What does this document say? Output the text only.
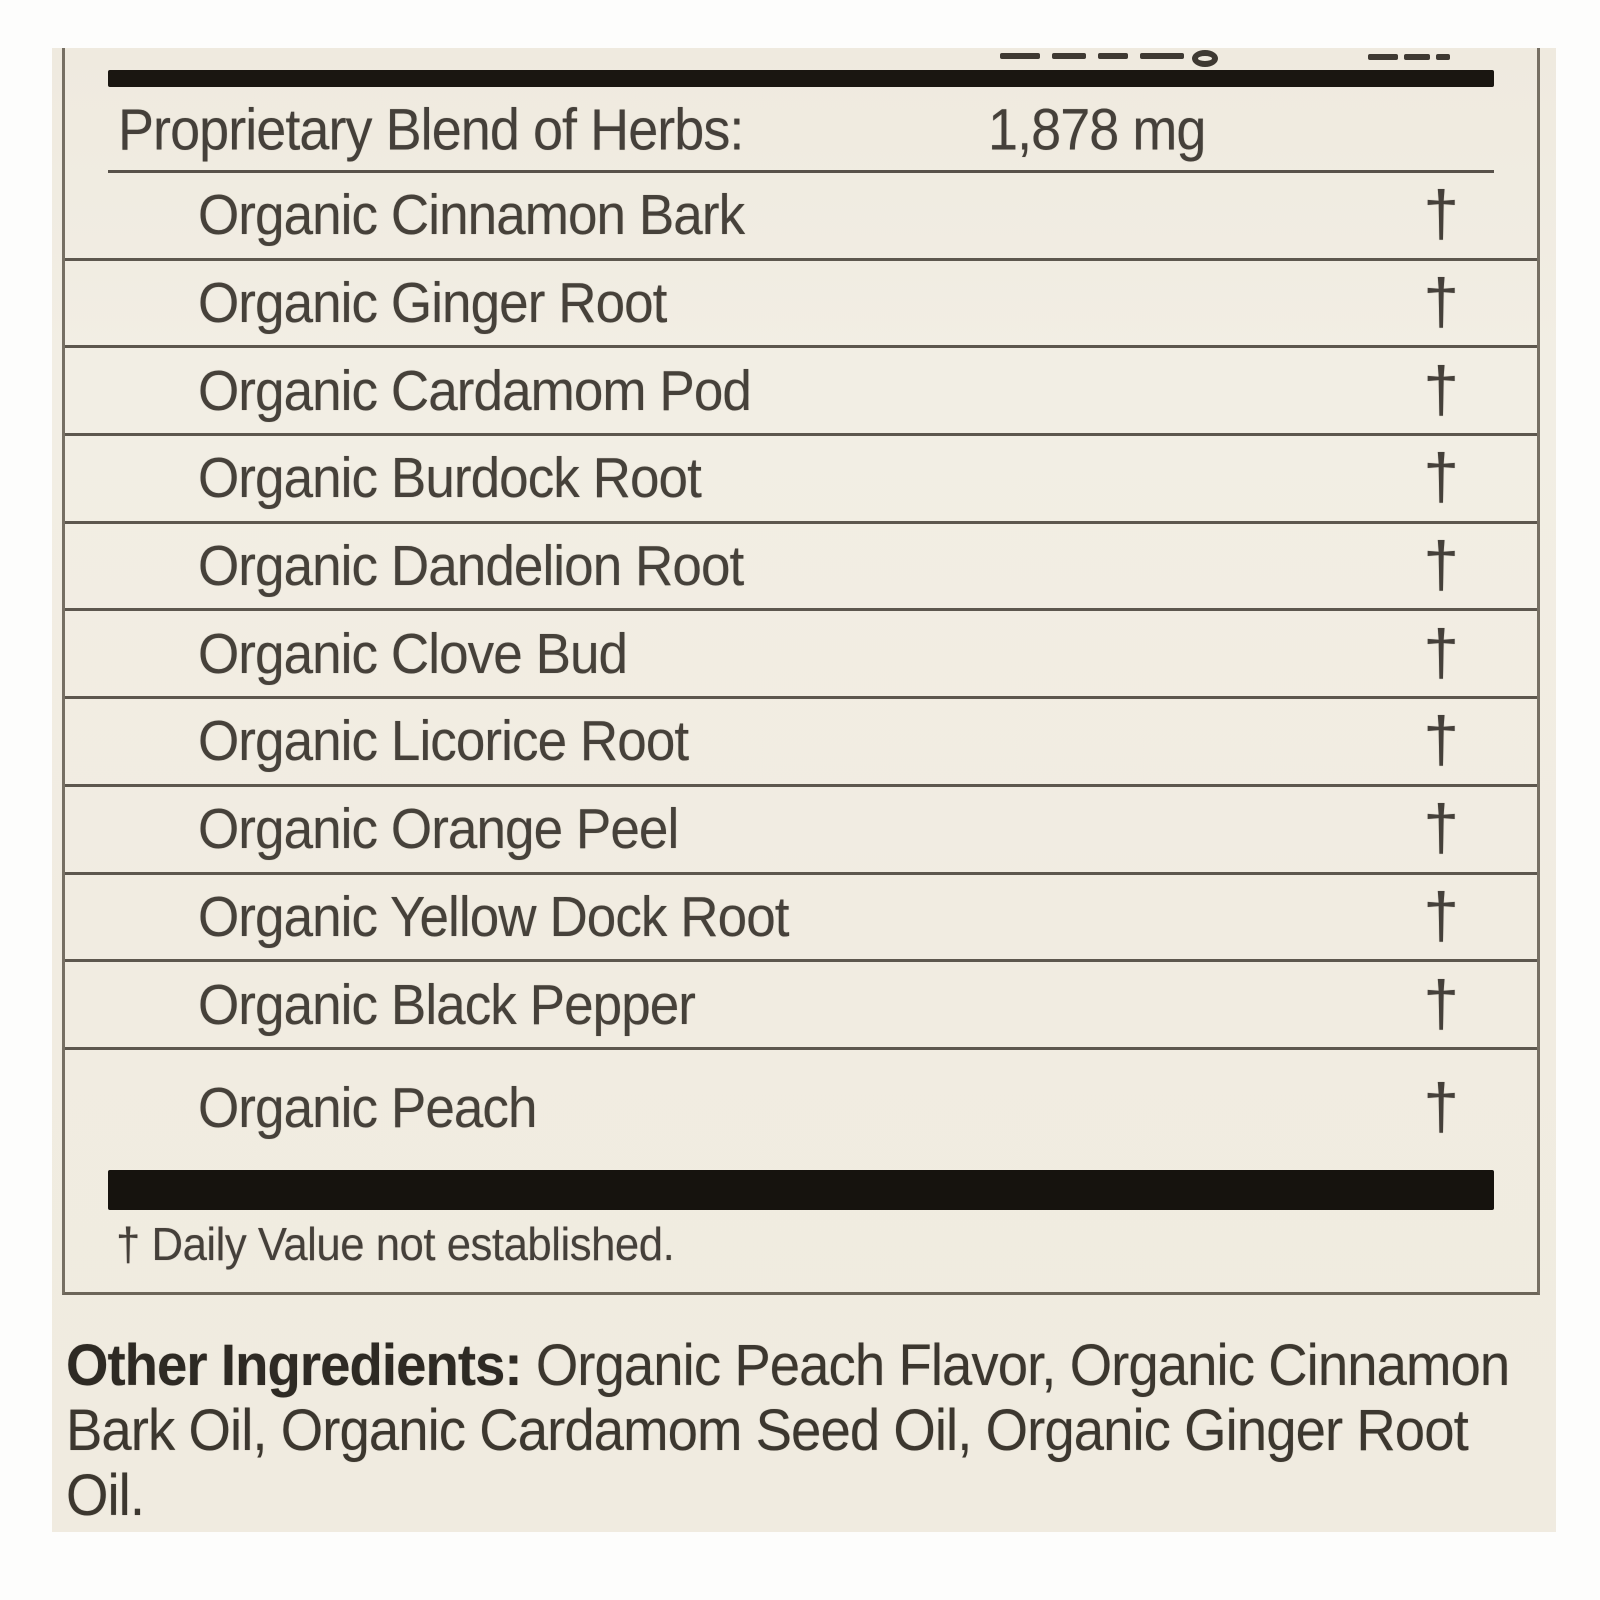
Proprietary Blend of Herbs:	1,878 mg
Organic Cinnamon Bark	†
Organic Ginger Root	†
Organic Cardamom Pod	†
Organic Burdock Root	†
Organic Dandelion Root	†
Organic Clove Bud	†
Organic Licorice Root	†
Organic Orange Peel	†
Organic Yellow Dock Root	†
Organic Black Pepper	†
Organic Peach	†
† Daily Value not established.
Other Ingredients: Organic Peach Flavor, Organic Cinnamon
Bark Oil, Organic Cardamom Seed Oil, Organic Ginger Root
Oil.
